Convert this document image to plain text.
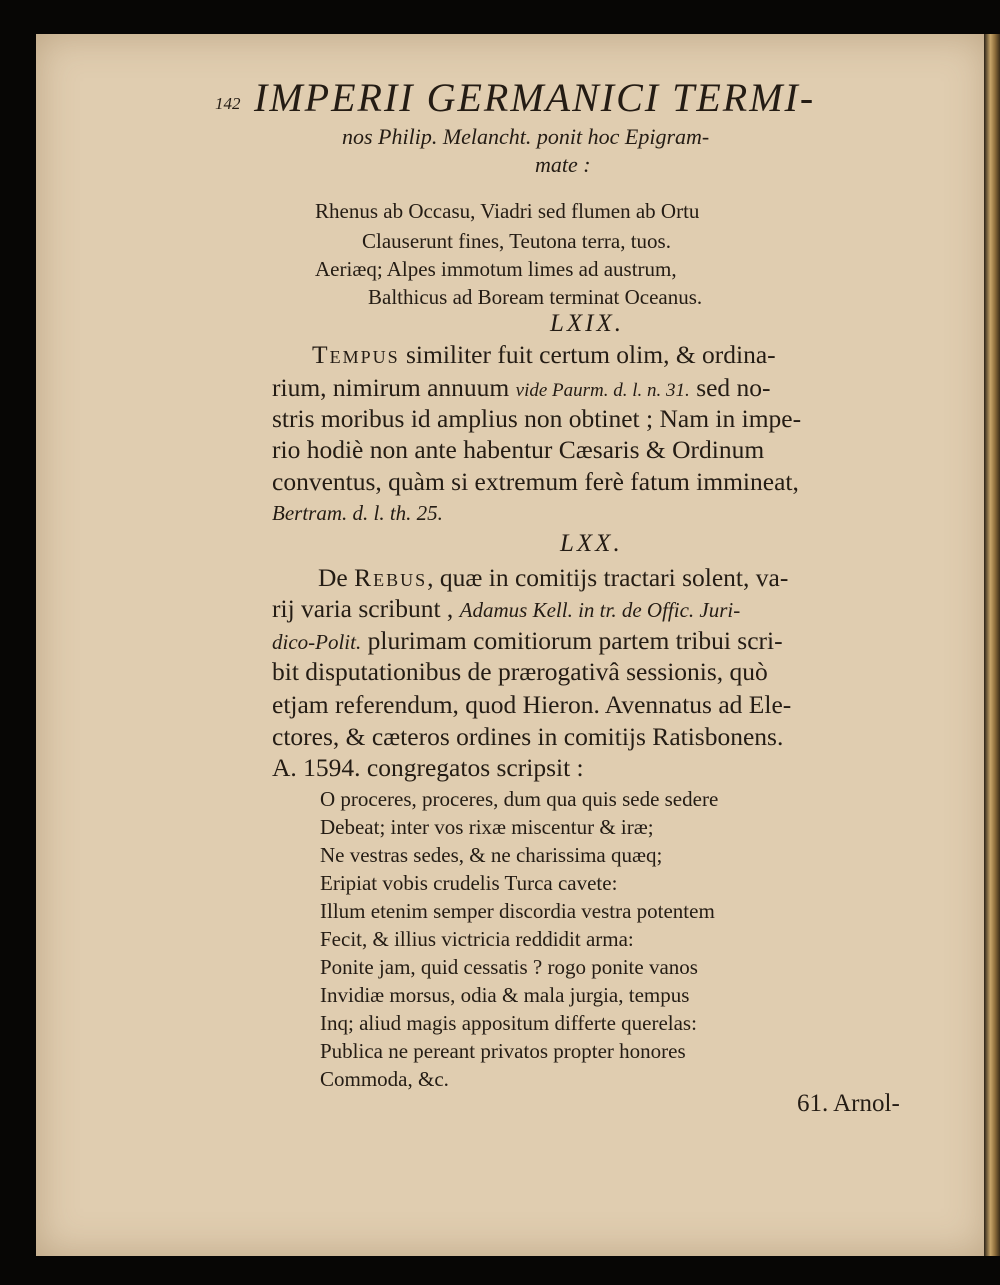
142 IMPERII GERMANICI TERMI-
nos Philip. Melancht. ponit hoc Epigram-
mate :
Rhenus ab Occasu, Viadri sed flumen ab Ortu
Clauserunt fines, Teutona terra, tuos.
Aeriæq; Alpes immotum limes ad austrum,
Balthicus ad Boream terminat Oceanus.
LXIX.
Tempus similiter fuit certum olim, & ordina-
rium, nimirum annuum vide Paurm. d. l. n. 31. sed no-
stris moribus id amplius non obtinet ; Nam in impe-
rio hodiè non ante habentur Cæsaris & Ordinum
conventus, quàm si extremum ferè fatum immineat,
Bertram. d. l. th. 25.
LXX.
De Rebus, quæ in comitijs tractari solent, va-
rij varia scribunt , Adamus Kell. in tr. de Offic. Juri-
dico-Polit. plurimam comitiorum partem tribui scri-
bit disputationibus de prærogativâ sessionis, quò
etjam referendum, quod Hieron. Avennatus ad Ele-
ctores, & cæteros ordines in comitijs Ratisbonens.
A. 1594. congregatos scripsit :
O proceres, proceres, dum qua quis sede sedere
Debeat; inter vos rixæ miscentur & iræ;
Ne vestras sedes, & ne charissima quæq;
Eripiat vobis crudelis Turca cavete:
Illum etenim semper discordia vestra potentem
Fecit, & illius victricia reddidit arma:
Ponite jam, quid cessatis ? rogo ponite vanos
Invidiæ morsus, odia & mala jurgia, tempus
Inq; aliud magis appositum differte querelas:
Publica ne pereant privatos propter honores
Commoda, &c.
61. Arnol-
